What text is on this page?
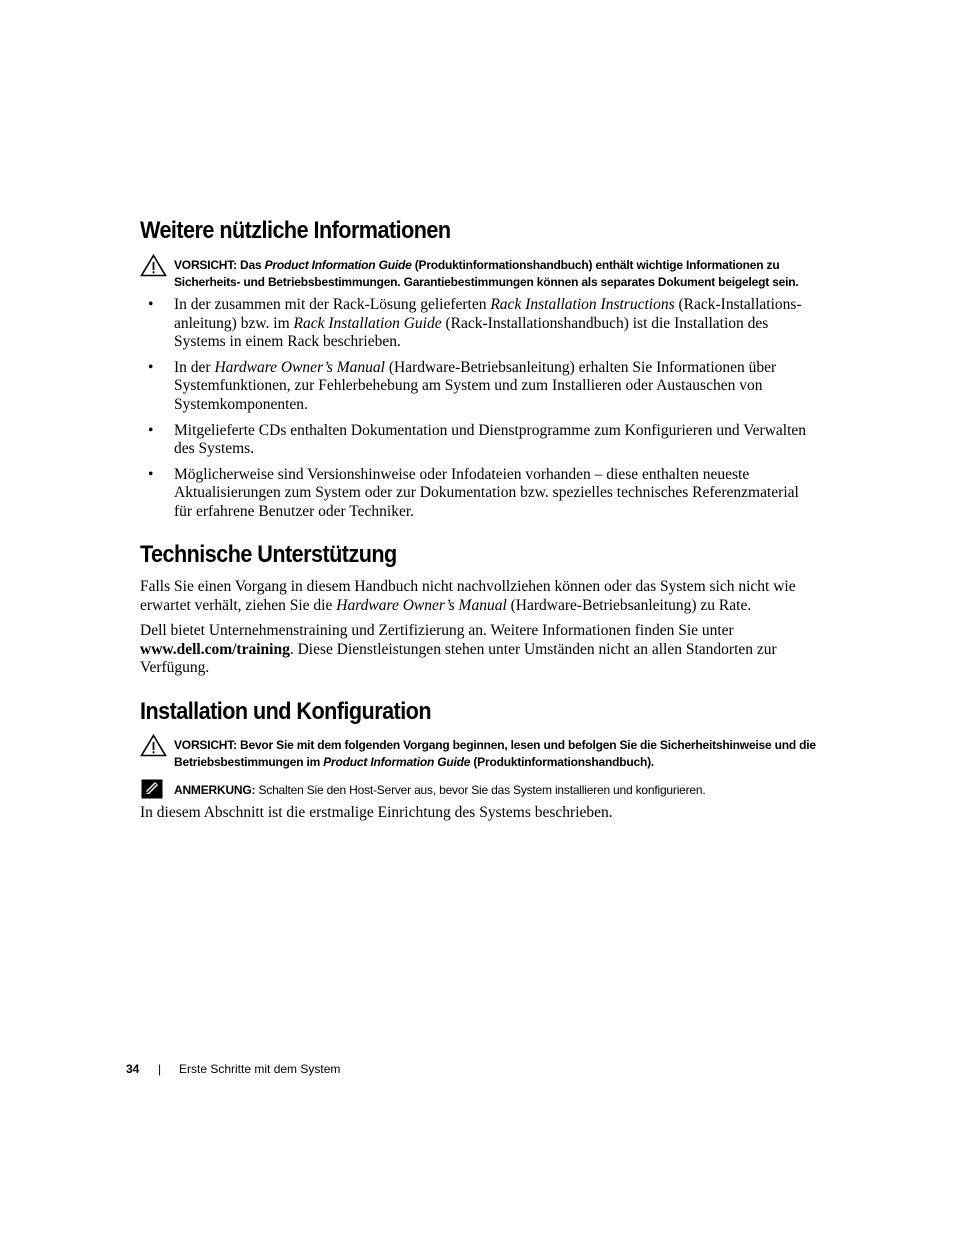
Weitere nützliche Informationen
VORSICHT: Das Product Information Guide (Produktinformationshandbuch) enthält wichtige Informationen zu Sicherheits- und Betriebsbestimmungen. Garantiebestimmungen können als separates Dokument beigelegt sein.
• In der zusammen mit der Rack-Lösung gelieferten Rack Installation Instructions (Rack-Installationsanleitung) bzw. im Rack Installation Guide (Rack-Installationshandbuch) ist die Installation des Systems in einem Rack beschrieben.
• In der Hardware Owner’s Manual (Hardware-Betriebsanleitung) erhalten Sie Informationen über Systemfunktionen, zur Fehlerbehebung am System und zum Installieren oder Austauschen von Systemkomponenten.
• Mitgelieferte CDs enthalten Dokumentation und Dienstprogramme zum Konfigurieren und Verwalten des Systems.
• Möglicherweise sind Versionshinweise oder Infodateien vorhanden – diese enthalten neueste Aktualisierungen zum System oder zur Dokumentation bzw. spezielles technisches Referenzmaterial für erfahrene Benutzer oder Techniker.
Technische Unterstützung

Falls Sie einen Vorgang in diesem Handbuch nicht nachvollziehen können oder das System sich nicht wie erwartet verhält, ziehen Sie die Hardware Owner’s Manual (Hardware-Betriebsanleitung) zu Rate.

Dell bietet Unternehmenstraining und Zertifizierung an. Weitere Informationen finden Sie unter www.dell.com/training. Diese Dienstleistungen stehen unter Umständen nicht an allen Standorten zur Verfügung.

Installation und Konfiguration
VORSICHT: Bevor Sie mit dem folgenden Vorgang beginnen, lesen und befolgen Sie die Sicherheitshinweise und die Betriebsbestimmungen im Product Information Guide (Produktinformationshandbuch).
ANMERKUNG: Schalten Sie den Host-Server aus, bevor Sie das System installieren und konfigurieren.

In diesem Abschnitt ist die erstmalige Einrichtung des Systems beschrieben.

34 | Erste Schritte mit dem System
